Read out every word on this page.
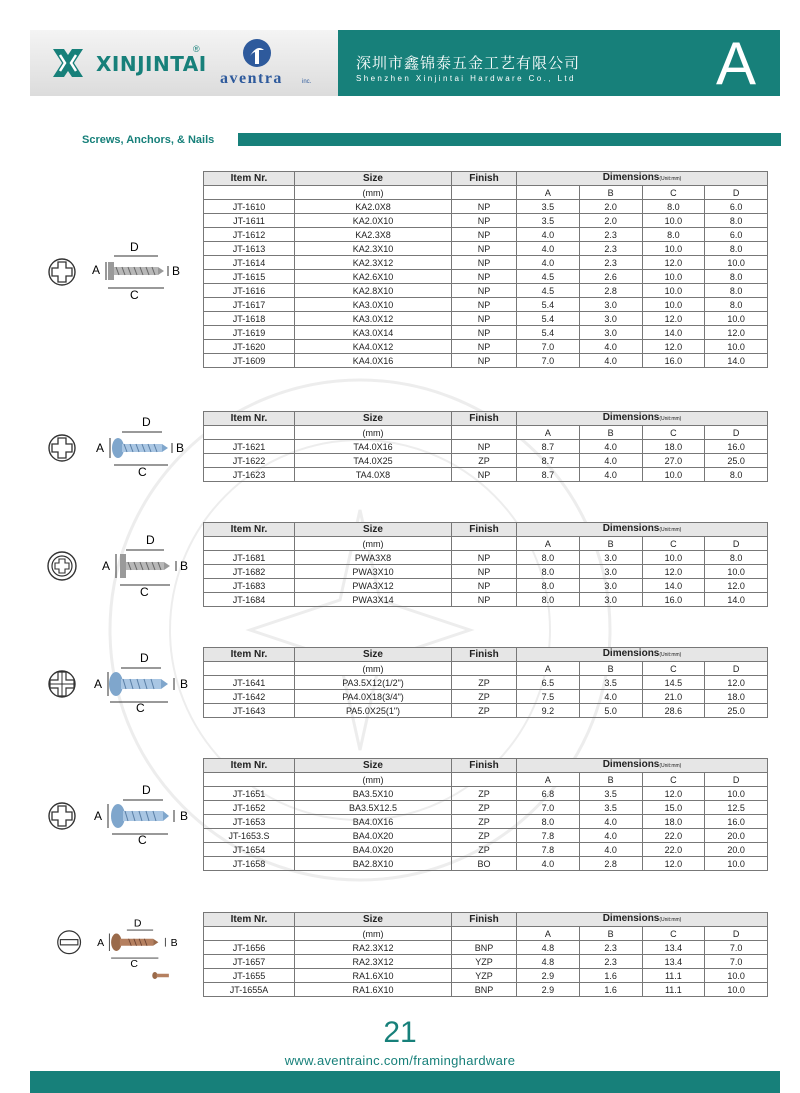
XINJINTAI
®
aventra	inc.
深圳市鑫锦泰五金工艺有限公司
Shenzhen Xinjintai Hardware Co., Ltd A
Screws, Anchors, & Nails
A
D
B
C
A
D
B
C
A
D
B
C
A
D
B
C
A
D
B
C
A
D
B
C
Item Nr.	Size	Finish	Dimensions(Unit:mm)			
	(mm)		A	B	C	D
JT-1610	KA2.0X8	NP	3.5	2.0	8.0	6.0
JT-1611	KA2.0X10	NP	3.5	2.0	10.0	8.0
JT-1612	KA2.3X8	NP	4.0	2.3	8.0	6.0
JT-1613	KA2.3X10	NP	4.0	2.3	10.0	8.0
JT-1614	KA2.3X12	NP	4.0	2.3	12.0	10.0
JT-1615	KA2.6X10	NP	4.5	2.6	10.0	8.0
JT-1616	KA2.8X10	NP	4.5	2.8	10.0	8.0
JT-1617	KA3.0X10	NP	5.4	3.0	10.0	8.0
JT-1618	KA3.0X12	NP	5.4	3.0	12.0	10.0
JT-1619	KA3.0X14	NP	5.4	3.0	14.0	12.0
JT-1620	KA4.0X12	NP	7.0	4.0	12.0	10.0
JT-1609	KA4.0X16	NP	7.0	4.0	16.0	14.0
Item Nr.	Size	Finish	Dimensions(Unit:mm)			
	(mm)		A	B	C	D
JT-1621	TA4.0X16	NP	8.7	4.0	18.0	16.0
JT-1622	TA4.0X25	ZP	8.7	4.0	27.0	25.0
JT-1623	TA4.0X8	NP	8.7	4.0	10.0	8.0
Item Nr.	Size	Finish	Dimensions(Unit:mm)			
	(mm)		A	B	C	D
JT-1681	PWA3X8	NP	8.0	3.0	10.0	8.0
JT-1682	PWA3X10	NP	8.0	3.0	12.0	10.0
JT-1683	PWA3X12	NP	8.0	3.0	14.0	12.0
JT-1684	PWA3X14	NP	8.0	3.0	16.0	14.0
Item Nr.	Size	Finish	Dimensions(Unit:mm)			
	(mm)		A	B	C	D
JT-1641	PA3.5X12(1/2")	ZP	6.5	3.5	14.5	12.0
JT-1642	PA4.0X18(3/4")	ZP	7.5	4.0	21.0	18.0
JT-1643	PA5.0X25(1")	ZP	9.2	5.0	28.6	25.0
Item Nr.	Size	Finish	Dimensions(Unit:mm)			
	(mm)		A	B	C	D
JT-1651	BA3.5X10	ZP	6.8	3.5	12.0	10.0
JT-1652	BA3.5X12.5	ZP	7.0	3.5	15.0	12.5
JT-1653	BA4.0X16	ZP	8.0	4.0	18.0	16.0
JT-1653.S	BA4.0X20	ZP	7.8	4.0	22.0	20.0
JT-1654	BA4.0X20	ZP	7.8	4.0	22.0	20.0
JT-1658	BA2.8X10	BO	4.0	2.8	12.0	10.0
Item Nr.	Size	Finish	Dimensions(Unit:mm)			
	(mm)		A	B	C	D
JT-1656	RA2.3X12	BNP	4.8	2.3	13.4	7.0
JT-1657	RA2.3X12	YZP	4.8	2.3	13.4	7.0
JT-1655	RA1.6X10	YZP	2.9	1.6	11.1	10.0
JT-1655A	RA1.6X10	BNP	2.9	1.6	11.1	10.0
21
www.aventrainc.com/framinghardware
